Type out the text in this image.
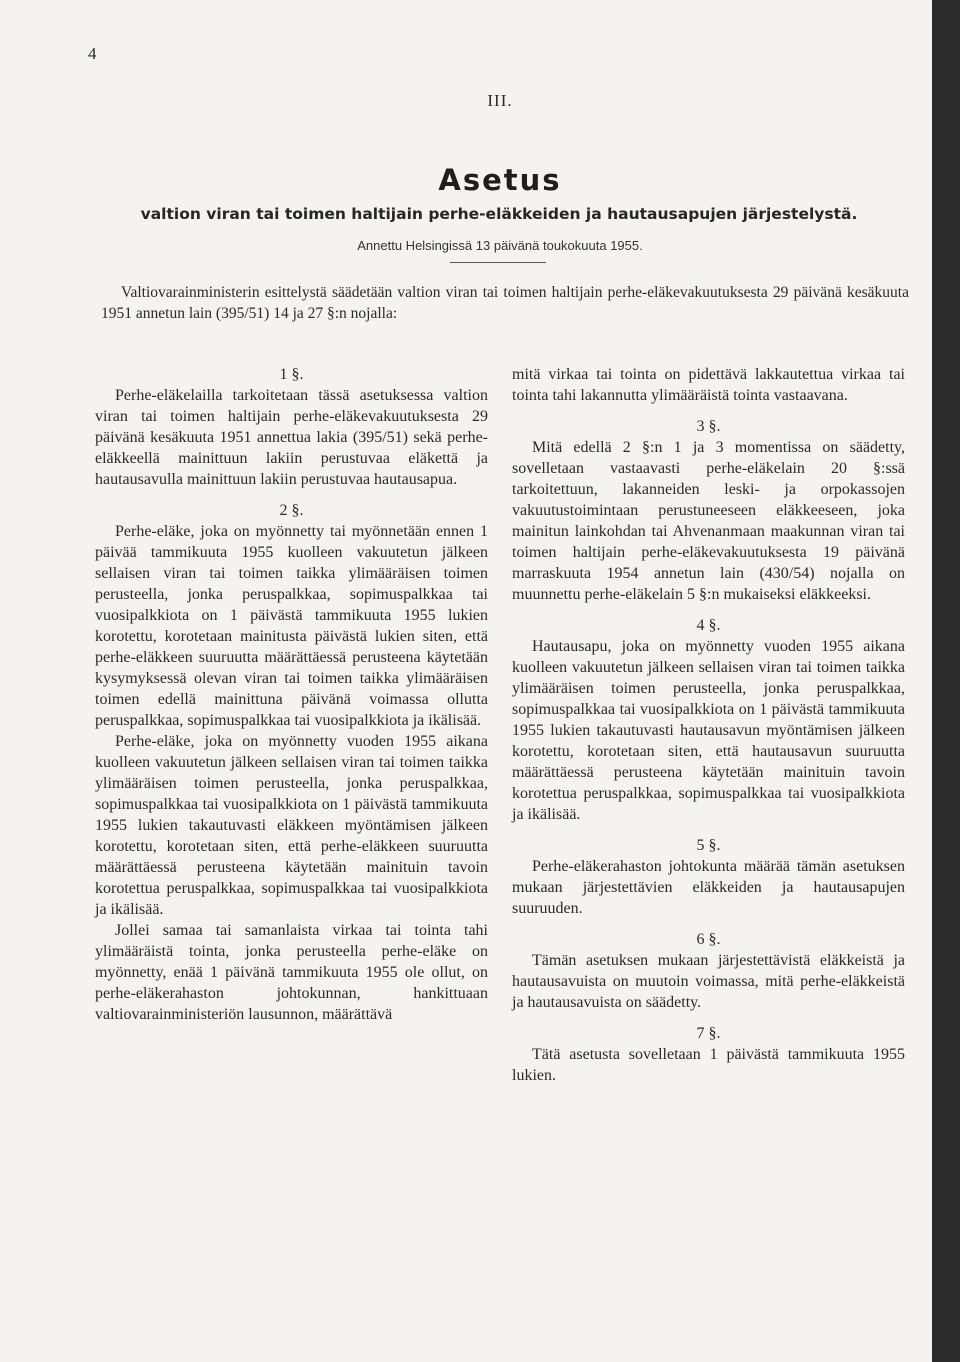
4
III.
Asetus
valtion viran tai toimen haltijain perhe-eläkkeiden ja hautausapujen järjestelystä.
Annettu Helsingissä 13 päivänä toukokuuta 1955.

Valtiovarainministerin esittelystä säädetään valtion viran tai toimen haltijain perhe-eläkevakuutuksesta 29 päivänä kesäkuuta 1951 annetun lain (395/51) 14 ja 27 §:n nojalla:

1 §.

Perhe-eläkelailla tarkoitetaan tässä asetuksessa valtion viran tai toimen haltijain perhe-eläkevakuutuksesta 29 päivänä kesäkuuta 1951 annettua lakia (395/51) sekä perhe-eläkkeellä mainittuun lakiin perustuvaa eläkettä ja hautausavulla mainittuun lakiin perustuvaa hautausapua.

2 §.

Perhe-eläke, joka on myönnetty tai myönnetään ennen 1 päivää tammikuuta 1955 kuolleen vakuutetun jälkeen sellaisen viran tai toimen taikka ylimääräisen toimen perusteella, jonka peruspalkkaa, sopimuspalkkaa tai vuosipalkkiota on 1 päivästä tammikuuta 1955 lukien korotettu, korotetaan mainitusta päivästä lukien siten, että perhe-eläkkeen suuruutta määrättäessä perusteena käytetään kysymyksessä olevan viran tai toimen taikka ylimääräisen toimen edellä mainittuna päivänä voimassa ollutta peruspalkkaa, sopimuspalkkaa tai vuosipalkkiota ja ikälisää.

Perhe-eläke, joka on myönnetty vuoden 1955 aikana kuolleen vakuutetun jälkeen sellaisen viran tai toimen taikka ylimääräisen toimen perusteella, jonka peruspalkkaa, sopimuspalkkaa tai vuosipalkkiota on 1 päivästä tammikuuta 1955 lukien takautuvasti eläkkeen myöntämisen jälkeen korotettu, korotetaan siten, että perhe-eläkkeen suuruutta määrättäessä perusteena käytetään mainituin tavoin korotettua peruspalkkaa, sopimuspalkkaa tai vuosipalkkiota ja ikälisää.

Jollei samaa tai samanlaista virkaa tai tointa tahi ylimääräistä tointa, jonka perusteella perhe-eläke on myönnetty, enää 1 päivänä tammikuuta 1955 ole ollut, on perhe-eläkerahaston johtokunnan, hankittuaan valtiovarainministeriön lausunnon, määrättävä

mitä virkaa tai tointa on pidettävä lakkautettua virkaa tai tointa tahi lakannutta ylimääräistä tointa vastaavana.

3 §.

Mitä edellä 2 §:n 1 ja 3 momentissa on säädetty, sovelletaan vastaavasti perhe-eläkelain 20 §:ssä tarkoitettuun, lakanneiden leski- ja orpokassojen vakuutustoimintaan perustuneeseen eläkkeeseen, joka mainitun lainkohdan tai Ahvenanmaan maakunnan viran tai toimen haltijain perhe-eläkevakuutuksesta 19 päivänä marraskuuta 1954 annetun lain (430/54) nojalla on muunnettu perhe-eläkelain 5 §:n mukaiseksi eläkkeeksi.

4 §.

Hautausapu, joka on myönnetty vuoden 1955 aikana kuolleen vakuutetun jälkeen sellaisen viran tai toimen taikka ylimääräisen toimen perusteella, jonka peruspalkkaa, sopimuspalkkaa tai vuosipalkkiota on 1 päivästä tammikuuta 1955 lukien takautuvasti hautausavun myöntämisen jälkeen korotettu, korotetaan siten, että hautausavun suuruutta määrättäessä perusteena käytetään mainituin tavoin korotettua peruspalkkaa, sopimuspalkkaa tai vuosipalkkiota ja ikälisää.

5 §.

Perhe-eläkerahaston johtokunta määrää tämän asetuksen mukaan järjestettävien eläkkeiden ja hautausapujen suuruuden.

6 §.

Tämän asetuksen mukaan järjestettävistä eläkkeistä ja hautausavuista on muutoin voimassa, mitä perhe-eläkkeistä ja hautausavuista on säädetty.

7 §.

Tätä asetusta sovelletaan 1 päivästä tammikuuta 1955 lukien.
